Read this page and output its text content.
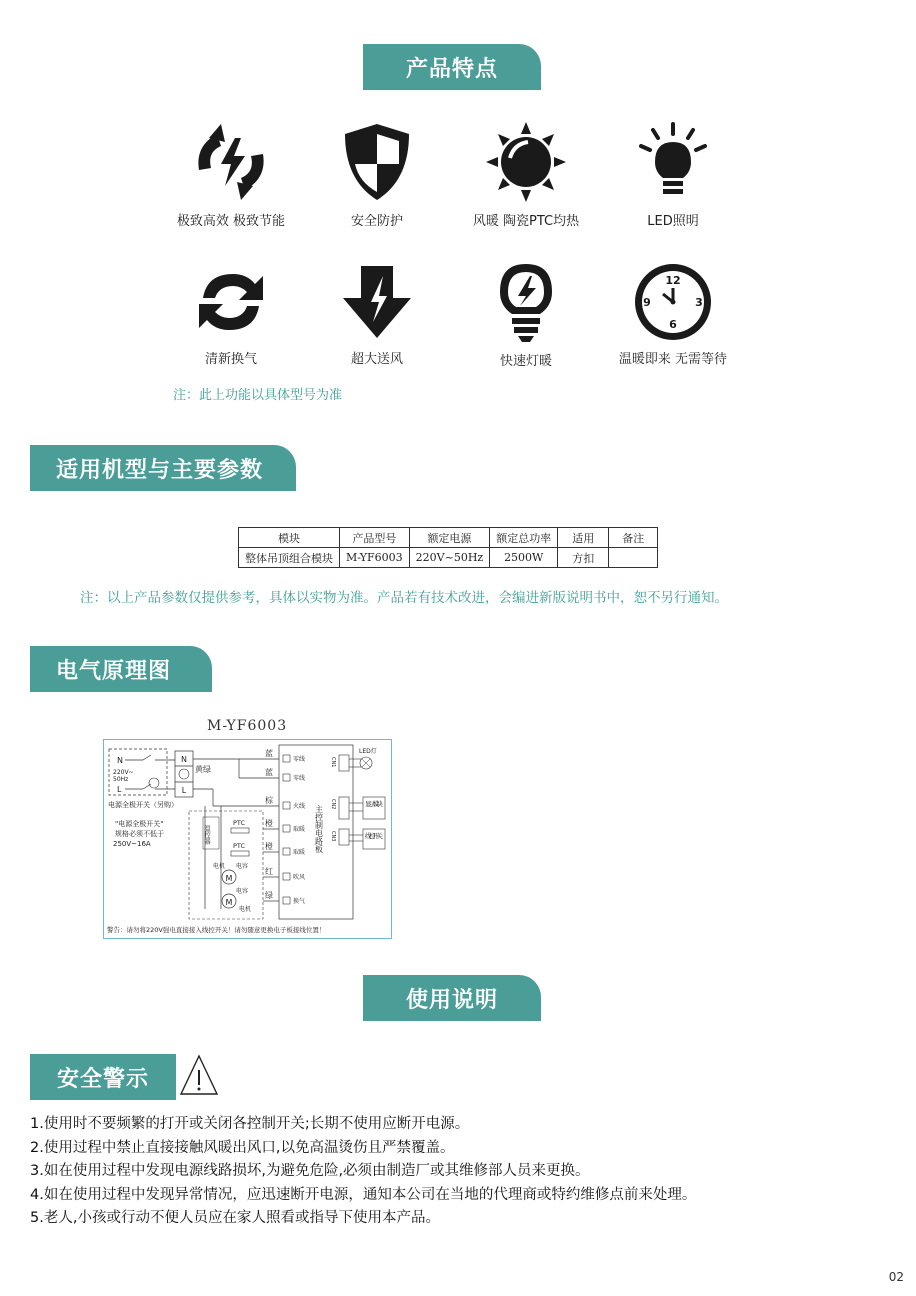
产品特点
极致高效 极致节能	安全防护	风暖 陶瓷PTC均热	LED照明
清新换气	超大送风	快速灯暖
12
3
6
9
温暖即来 无需等待
注：此上功能以具体型号为准
适用机型与主要参数
模块	产品型号	额定电源	额定总功率	适用	备注
整体吊顶组合模块	M-YF6003	220V~50Hz	2500W	方扣	
注：以上产品参数仅提供参考，具体以实物为准。产品若有技术改进，会编进新版说明书中，恕不另行通知。
电气原理图
M-YF6003
N
220V~
50Hz
L
N
L
黄绿
电源全极开关（另购）
"电源全极开关"
规格必须不低于
250V~16A	温控器
PTC
PTC
电机 电容
M
电容
M
电机
蓝
蓝
棕
橙
橙
红
绿
零线
零线
火线
取暖
取暖
吹风
换气
主控制电路板
CN1
CN2
CN3
LED灯
显示模块
线控开关
警告：请勿将220V强电直接接入线控开关！请勿随意更换电子板接线位置！
使用说明
安全警示
1.使用时不要频繁的打开或关闭各控制开关;长期不使用应断开电源。
2.使用过程中禁止直接接触风暖出风口,以免高温烫伤且严禁覆盖。
3.如在使用过程中发现电源线路损坏,为避免危险,必须由制造厂或其维修部人员来更换。
4.如在使用过程中发现异常情况，应迅速断开电源，通知本公司在当地的代理商或特约维修点前来处理。
5.老人,小孩或行动不便人员应在家人照看或指导下使用本产品。
02
